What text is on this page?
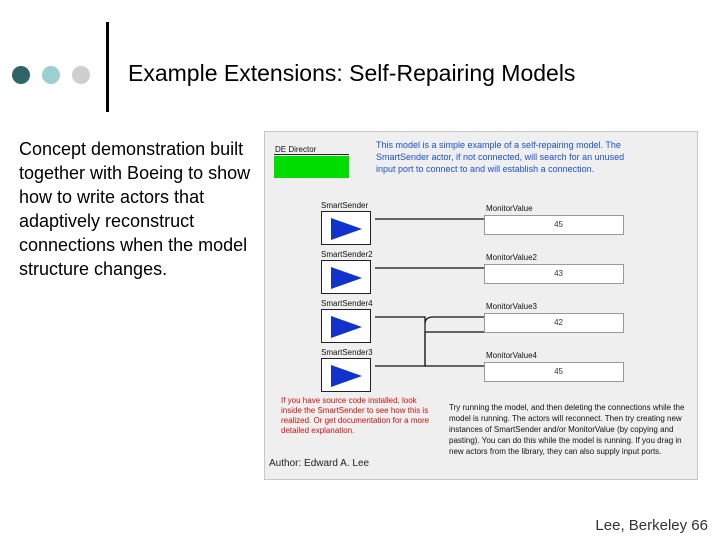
Example Extensions: Self-Repairing Models
Concept demonstration built together with Boeing to show how to write actors that adaptively reconstruct connections when the model structure changes.
DE Director	This model is a simple example of a self-repairing model. The SmartSender actor, if not connected, will search for an unused input port to connect to and will establish a connection.
SmartSender
SmartSender2
SmartSender4
SmartSender3
MonitorValue
45
MonitorValue2
43
MonitorValue3
42
MonitorValue4
45
If you have source code installed, look inside the SmartSender to see how this is realized. Or get documentation for a more detailed explanation.
Try running the model, and then deleting the connections while the model is running. The actors will reconnect. Then try creating new instances of SmartSender and/or MonitorValue (by copying and pasting). You can do this while the model is running. If you drag in new actors from the library, they can also supply input ports.
Author: Edward A. Lee
Lee, Berkeley 66
